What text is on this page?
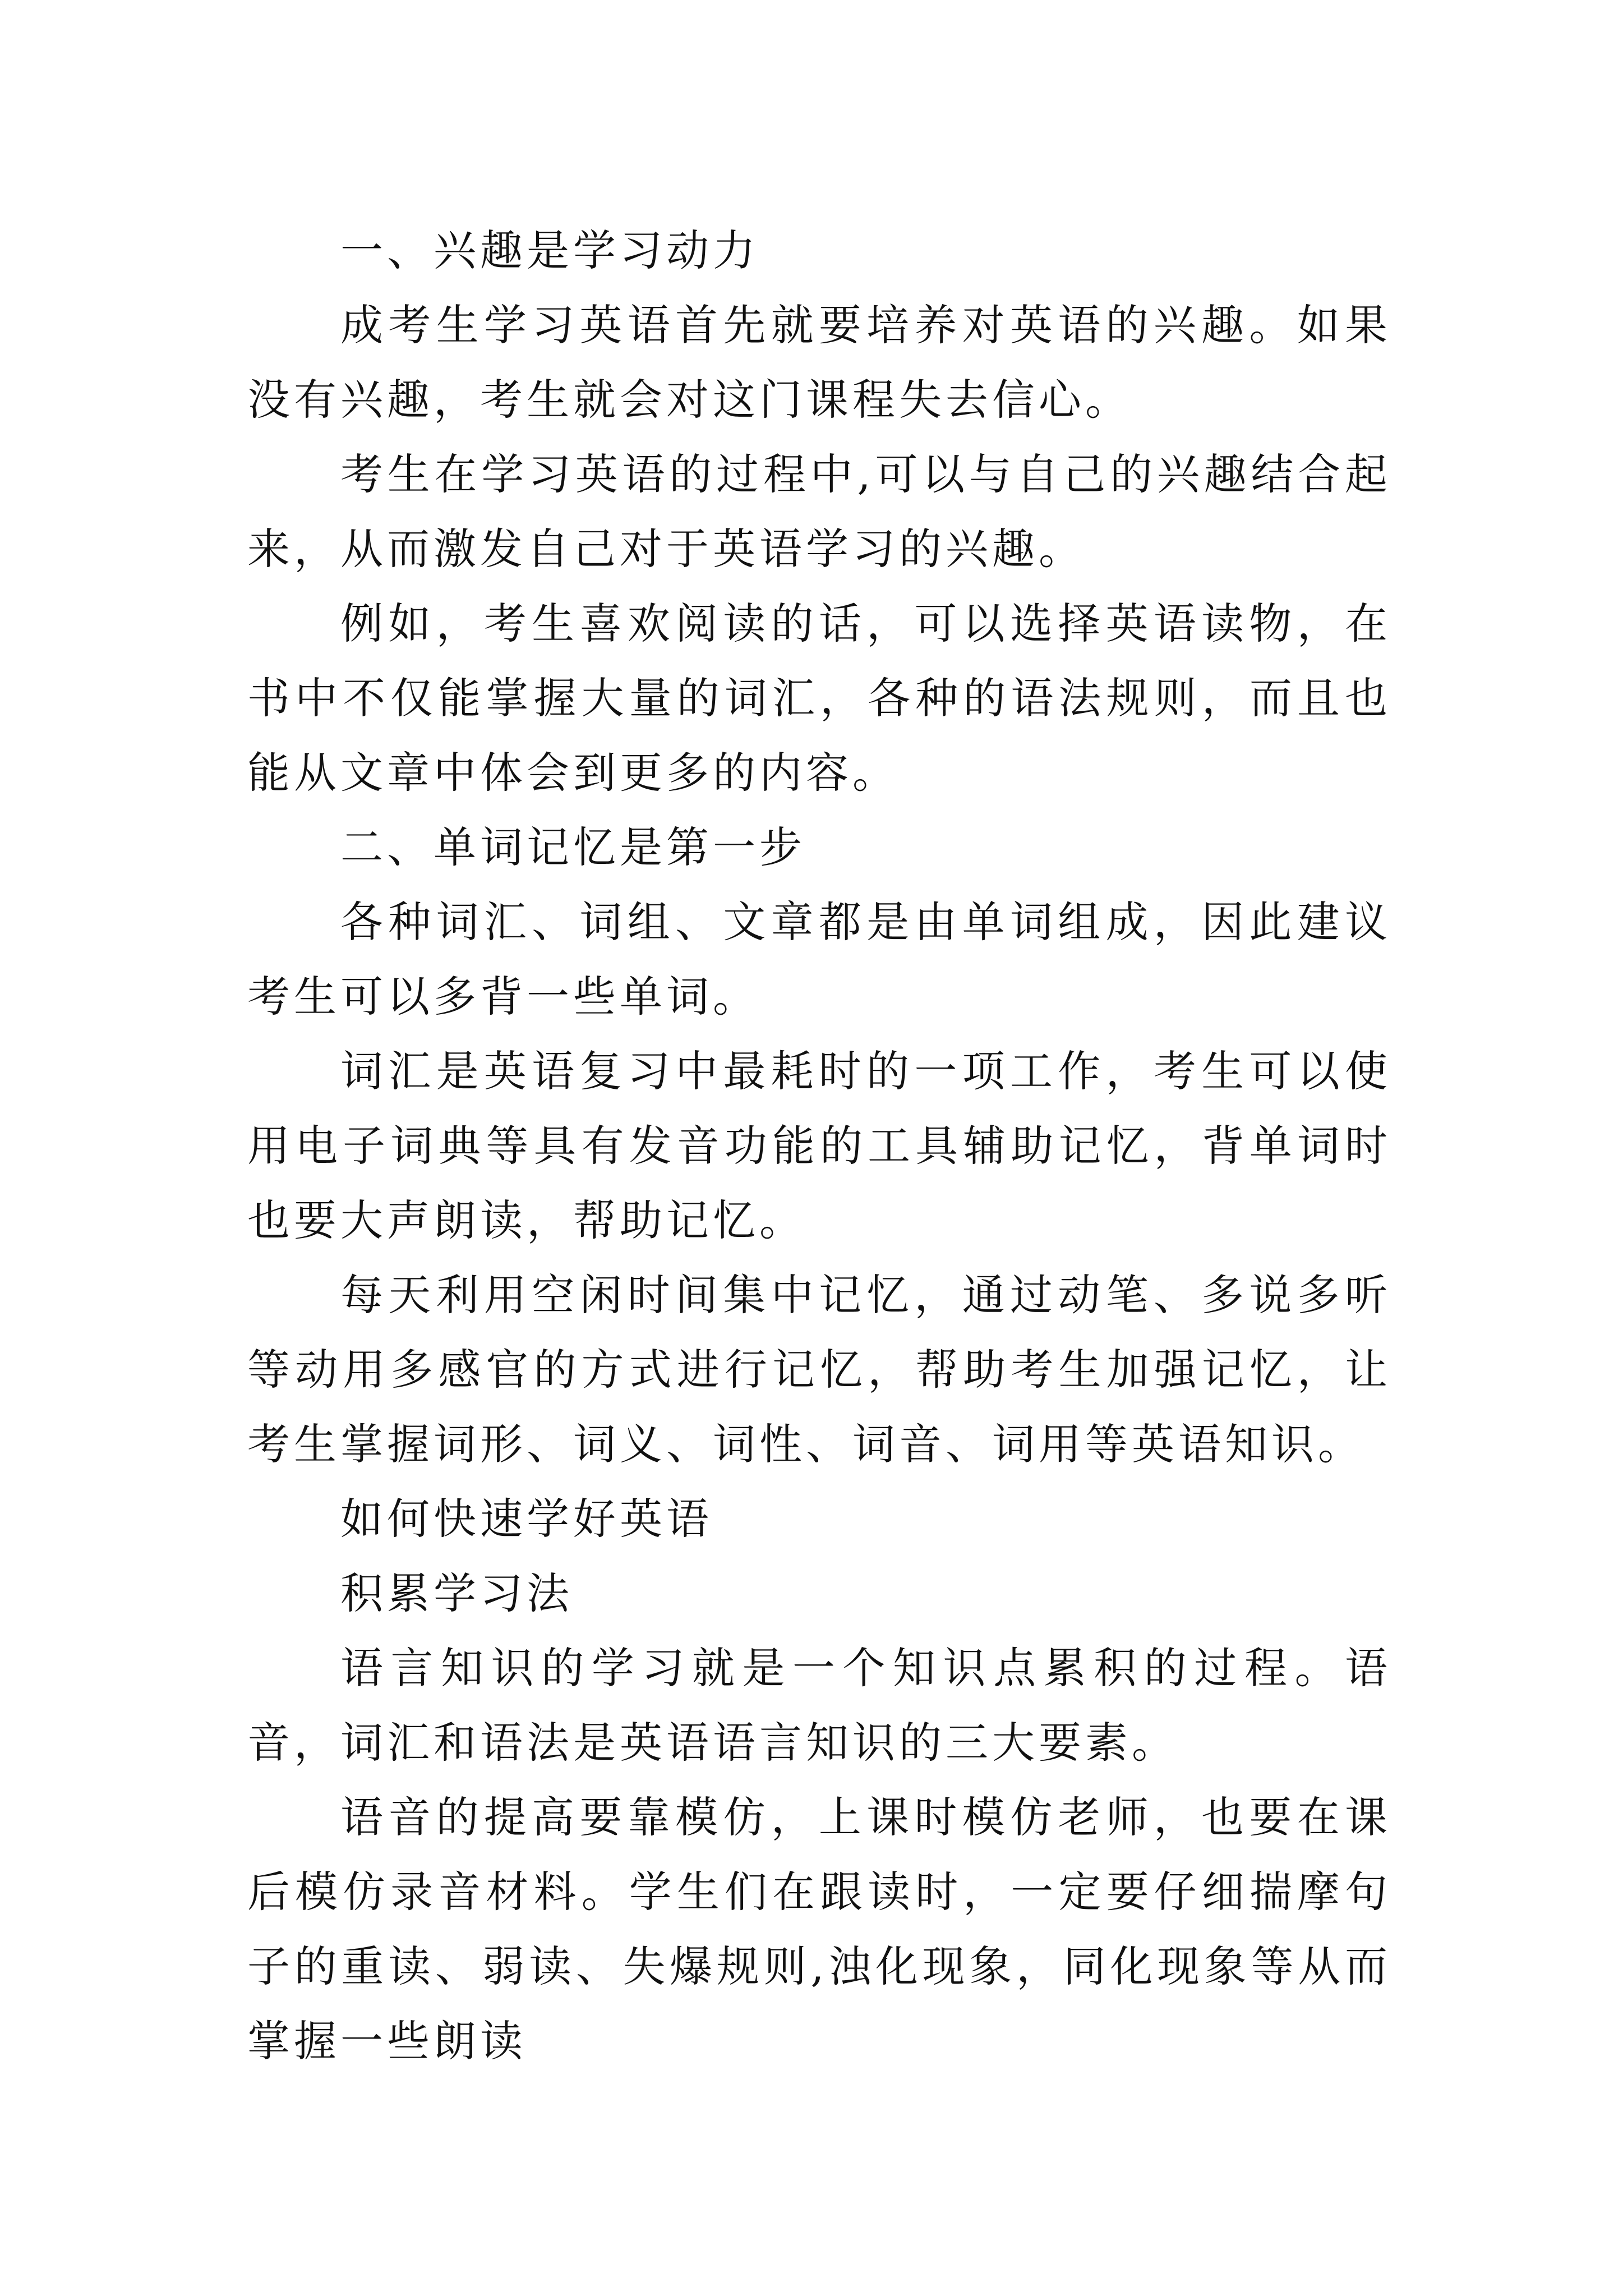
一、兴趣是学习动力

成考生学习英语首先就要培养对英语的兴趣。如果没有兴趣，考生就会对这门课程失去信心。

考生在学习英语的过程中,可以与自己的兴趣结合起来，从而激发自己对于英语学习的兴趣。

例如，考生喜欢阅读的话，可以选择英语读物，在书中不仅能掌握大量的词汇，各种的语法规则，而且也能从文章中体会到更多的内容。

二、单词记忆是第一步

各种词汇、词组、文章都是由单词组成，因此建议考生可以多背一些单词。

词汇是英语复习中最耗时的一项工作，考生可以使用电子词典等具有发音功能的工具辅助记忆，背单词时也要大声朗读，帮助记忆。

每天利用空闲时间集中记忆，通过动笔、多说多听等动用多感官的方式进行记忆，帮助考生加强记忆，让考生掌握词形、词义、词性、词音、词用等英语知识。

如何快速学好英语

积累学习法

语言知识的学习就是一个知识点累积的过程。语音，词汇和语法是英语语言知识的三大要素。

语音的提高要靠模仿，上课时模仿老师，也要在课后模仿录音材料。学生们在跟读时，一定要仔细揣摩句子的重读、弱读、失爆规则,浊化现象，同化现象等从而掌握一些朗读
